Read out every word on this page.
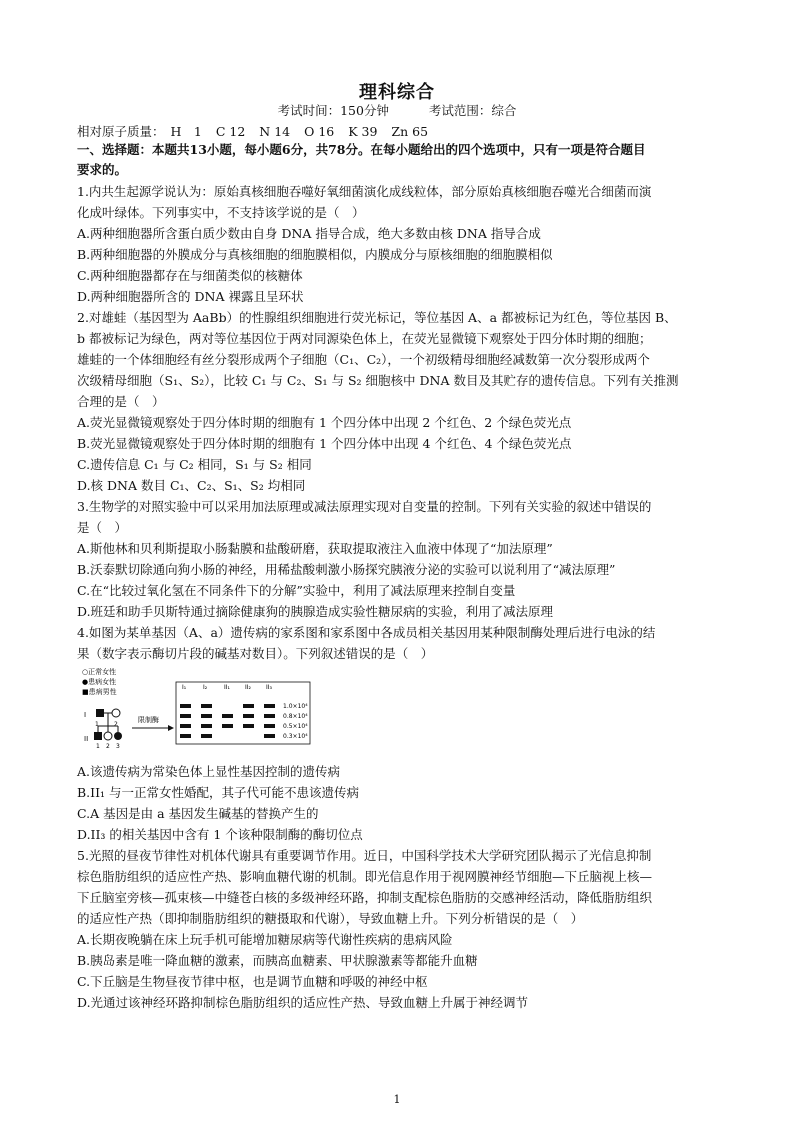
理科综合
考试时间：150分钟	考试范围：综合
相对原子质量： H　1 C 12 N 14 O 16 K 39 Zn 65
一、选择题：本题共13小题，每小题6分，共78分。在每小题给出的四个选项中，只有一项是符合题目
要求的。
1.内共生起源学说认为：原始真核细胞吞噬好氧细菌演化成线粒体，部分原始真核细胞吞噬光合细菌而演
化成叶绿体。下列事实中，不支持该学说的是（　）
A.两种细胞器所含蛋白质少数由自身 DNA 指导合成，绝大多数由核 DNA 指导合成
B.两种细胞器的外膜成分与真核细胞的细胞膜相似，内膜成分与原核细胞的细胞膜相似
C.两种细胞器都存在与细菌类似的核糖体
D.两种细胞器所含的 DNA 裸露且呈环状
2.对雄蛙（基因型为 AaBb）的性腺组织细胞进行荧光标记，等位基因 A、a 都被标记为红色，等位基因 B、
b 都被标记为绿色，两对等位基因位于两对同源染色体上，在荧光显微镜下观察处于四分体时期的细胞；
雄蛙的一个体细胞经有丝分裂形成两个子细胞（C₁、C₂），一个初级精母细胞经减数第一次分裂形成两个
次级精母细胞（S₁、S₂），比较 C₁ 与 C₂、S₁ 与 S₂ 细胞核中 DNA 数目及其贮存的遗传信息。下列有关推测
合理的是（　）
A.荧光显微镜观察处于四分体时期的细胞有 1 个四分体中出现 2 个红色、2 个绿色荧光点
B.荧光显微镜观察处于四分体时期的细胞有 1 个四分体中出现 4 个红色、4 个绿色荧光点
C.遗传信息 C₁ 与 C₂ 相同，S₁ 与 S₂ 相同
D.核 DNA 数目 C₁、C₂、S₁、S₂ 均相同
3.生物学的对照实验中可以采用加法原理或减法原理实现对自变量的控制。下列有关实验的叙述中错误的
是（　）
A.斯他林和贝利斯提取小肠黏膜和盐酸研磨，获取提取液注入血液中体现了“加法原理”
B.沃泰默切除通向狗小肠的神经，用稀盐酸刺激小肠探究胰液分泌的实验可以说利用了“减法原理”
C.在“比较过氧化氢在不同条件下的分解”实验中，利用了减法原理来控制自变量
D.班廷和助手贝斯特通过摘除健康狗的胰腺造成实验性糖尿病的实验，利用了减法原理
4.如图为某单基因（A、a）遗传病的家系图和家系图中各成员相关基因用某种限制酶处理后进行电泳的结
果（数字表示酶切片段的碱基对数目）。下列叙述错误的是（　）
○正常女性
●患病女性
■患病男性
I
II
1	2
1 2 3
限制酶
I₁	I₂	II₁	II₂	II₃
1.0×10⁴
0.8×10⁴
0.5×10⁴
0.3×10⁴
A.该遗传病为常染色体上显性基因控制的遗传病
B.II₁ 与一正常女性婚配，其子代可能不患该遗传病
C.A 基因是由 a 基因发生碱基的替换产生的
D.II₃ 的相关基因中含有 1 个该种限制酶的酶切位点
5.光照的昼夜节律性对机体代谢具有重要调节作用。近日，中国科学技术大学研究团队揭示了光信息抑制
棕色脂肪组织的适应性产热、影响血糖代谢的机制。即光信息作用于视网膜神经节细胞—下丘脑视上核—
下丘脑室旁核—孤束核—中缝苍白核的多级神经环路，抑制支配棕色脂肪的交感神经活动，降低脂肪组织
的适应性产热（即抑制脂肪组织的糖摄取和代谢），导致血糖上升。下列分析错误的是（　）
A.长期夜晚躺在床上玩手机可能增加糖尿病等代谢性疾病的患病风险
B.胰岛素是唯一降血糖的激素，而胰高血糖素、甲状腺激素等都能升血糖
C.下丘脑是生物昼夜节律中枢，也是调节血糖和呼吸的神经中枢
D.光通过该神经环路抑制棕色脂肪组织的适应性产热、导致血糖上升属于神经调节
1
